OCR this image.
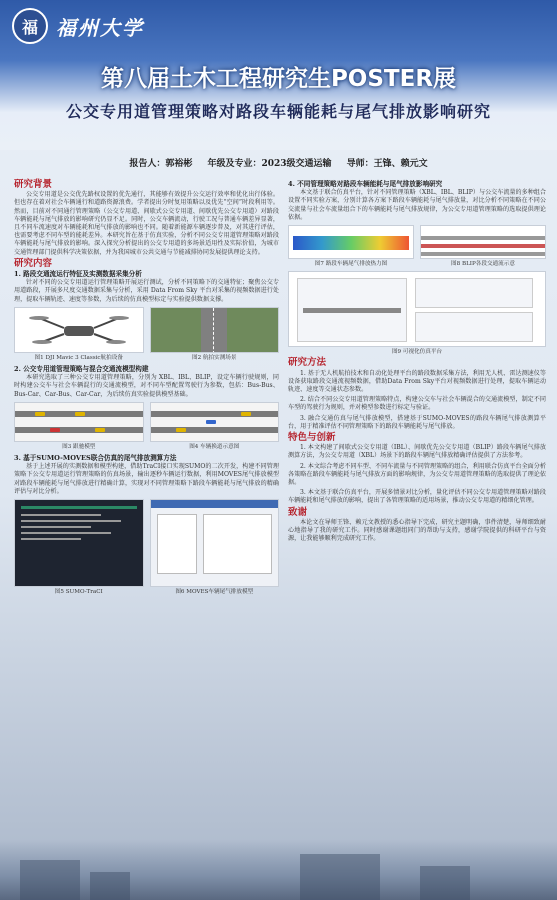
福 福州大学
第八届土木工程研究生POSTER展
公交专用道管理策略对路段车辆能耗与尾气排放影响研究
报告人：郭裕彬 年级及专业：2023级交通运输 导师：王锋、赖元文
研究背景

公交专用道是公交优先路权设置的优先通行，其能够有效提升公交运行效率和优化出行体验。但也存在着对社会车辆通行和道路资源浪费。学者提出分时复用策略以及优先“空间”时段利用等。然而，目前对不同通行管理策略（公交专用道、间歇式公交专用道、间歇优先公交专用道）对路段车辆能耗与尾气排放的影响研究仍显不足。同时，公交车辆流动，行驶工况与普通车辆差异显著，且不同车流速度对车辆能耗和尾气排放的影响也不同。随着新能源车辆逐步普及，对其进行评估，也需要考虑不同车型的能耗差异。本研究旨在基于仿真实验，分析不同公交专用道管理策略对路段车辆能耗与尾气排放的影响。深入探究分析提出的公交专用道的多场景适用性及实际价值，为城市交通管理部门提供科学决策依据，并为我国城市公共交通与节能减排协同发展提供理论支持。

研究内容
1. 路段交通流运行特征及实测数据采集分析

针对不同的公交专用道运行管理策略开展运行测试，分析不同策略下的交通特征；聚焦公交专用道路段，开展多尺度交通数据采集与分析，采用 Data From Sky 平台对采集的视频数据进行处理，提取车辆轨迹、速度等参数，为后续的仿真模型标定与实验提供数据支撑。

图1 DJI Mavic 3 Classic航拍设备	图2 航拍实测场景
2. 公交专用道管理策略与混合交通流模型构建

本研究选取了三种公交专用道管理策略，分别为 XBL、IBL、BLIP，设定车辆行驶规则，同时构建公交车与社会车辆混行的交通流模型，对不同车型配置驾驶行为参数，包括：Bus-Bus、Bus-Car、Car-Bus、Car-Car，为后续仿真实验提供模型基础。

图3 跟驰模型	图4 车辆换道示意图
3. 基于SUMO-MOVES联合仿真的尾气排放测算方法

基于上述开展的实测数据和模型构建，借助TraCI接口实现SUMO的二次开发，构建不同管理策略下公交专用道运行管理策略的仿真场景，输出逐秒车辆运行数据，利用MOVES尾气排放模型对路段车辆能耗与尾气排放进行精确计算，实现对不同管理策略下路段车辆能耗与尾气排放的精确评估与对比分析。

图5 SUMO-TraCI	图6 MOVES车辆尾气排放模型
4. 不同管理策略对路段车辆能耗与尾气排放影响研究

本文基于联合仿真平台，针对不同管理策略（XBL、IBL、BLIP）与公交车流量的多种组合设置不同实验方案，分别计算各方案下路段车辆能耗与尾气排放量，对比分析不同策略在不同公交流量与社会车流量组合下的车辆能耗与尾气排放规律，为公交专用道管理策略的选取提供理论依据。

图7 路段车辆尾气排放热力图	图8 BLIP各段交通流示意
图9 可视化仿真平台
研究方法

1. 基于无人机航拍技术和自动化处理平台的路段数据采集方法，利用无人机、雷达测速仪等设备获取路段交通流视频数据，借助Data From Sky平台对视频数据进行处理，提取车辆运动轨迹、速度等交通状态参数。

2. 结合不同公交专用道管理策略特点，构建公交车与社会车辆混合的交通流模型，制定不同车型的驾驶行为规则，并对模型参数进行标定与验证。

3. 融合交通仿真与尾气排放模型，搭建基于SUMO-MOVES的路段车辆尾气排放测算平台，用于精准评估不同管理策略下的路段车辆能耗与尾气排放。

特色与创新

1. 本文构建了间歇式公交专用道（IBL）、间歇优先公交专用道（BLIP）路段车辆尾气排放测算方法，为公交专用道（XBL）场景下的路段车辆尾气排放精确评估提供了方法参考。

2. 本文综合考虑不同车型、不同车流量与不同管理策略的组合，利用联合仿真平台全面分析各策略在路段车辆能耗与尾气排放方面的影响规律，为公交专用道管理策略的选取提供了理论依据。

3. 本文基于联合仿真平台，开展多情景对比分析，量化评估不同公交专用道管理策略对路段车辆能耗和尾气排放的影响，提出了各管理策略的适用场景，推动公交专用道的精细化管理。

致谢

本论文在导师王锋、赖元文教授的悉心指导下完成，研究主题明确，事件清楚，导师细致耐心地指导了我的研究工作。同时感谢课题组同门的帮助与支持，感谢学院提供的科研平台与资源，让我能够顺利完成研究工作。
